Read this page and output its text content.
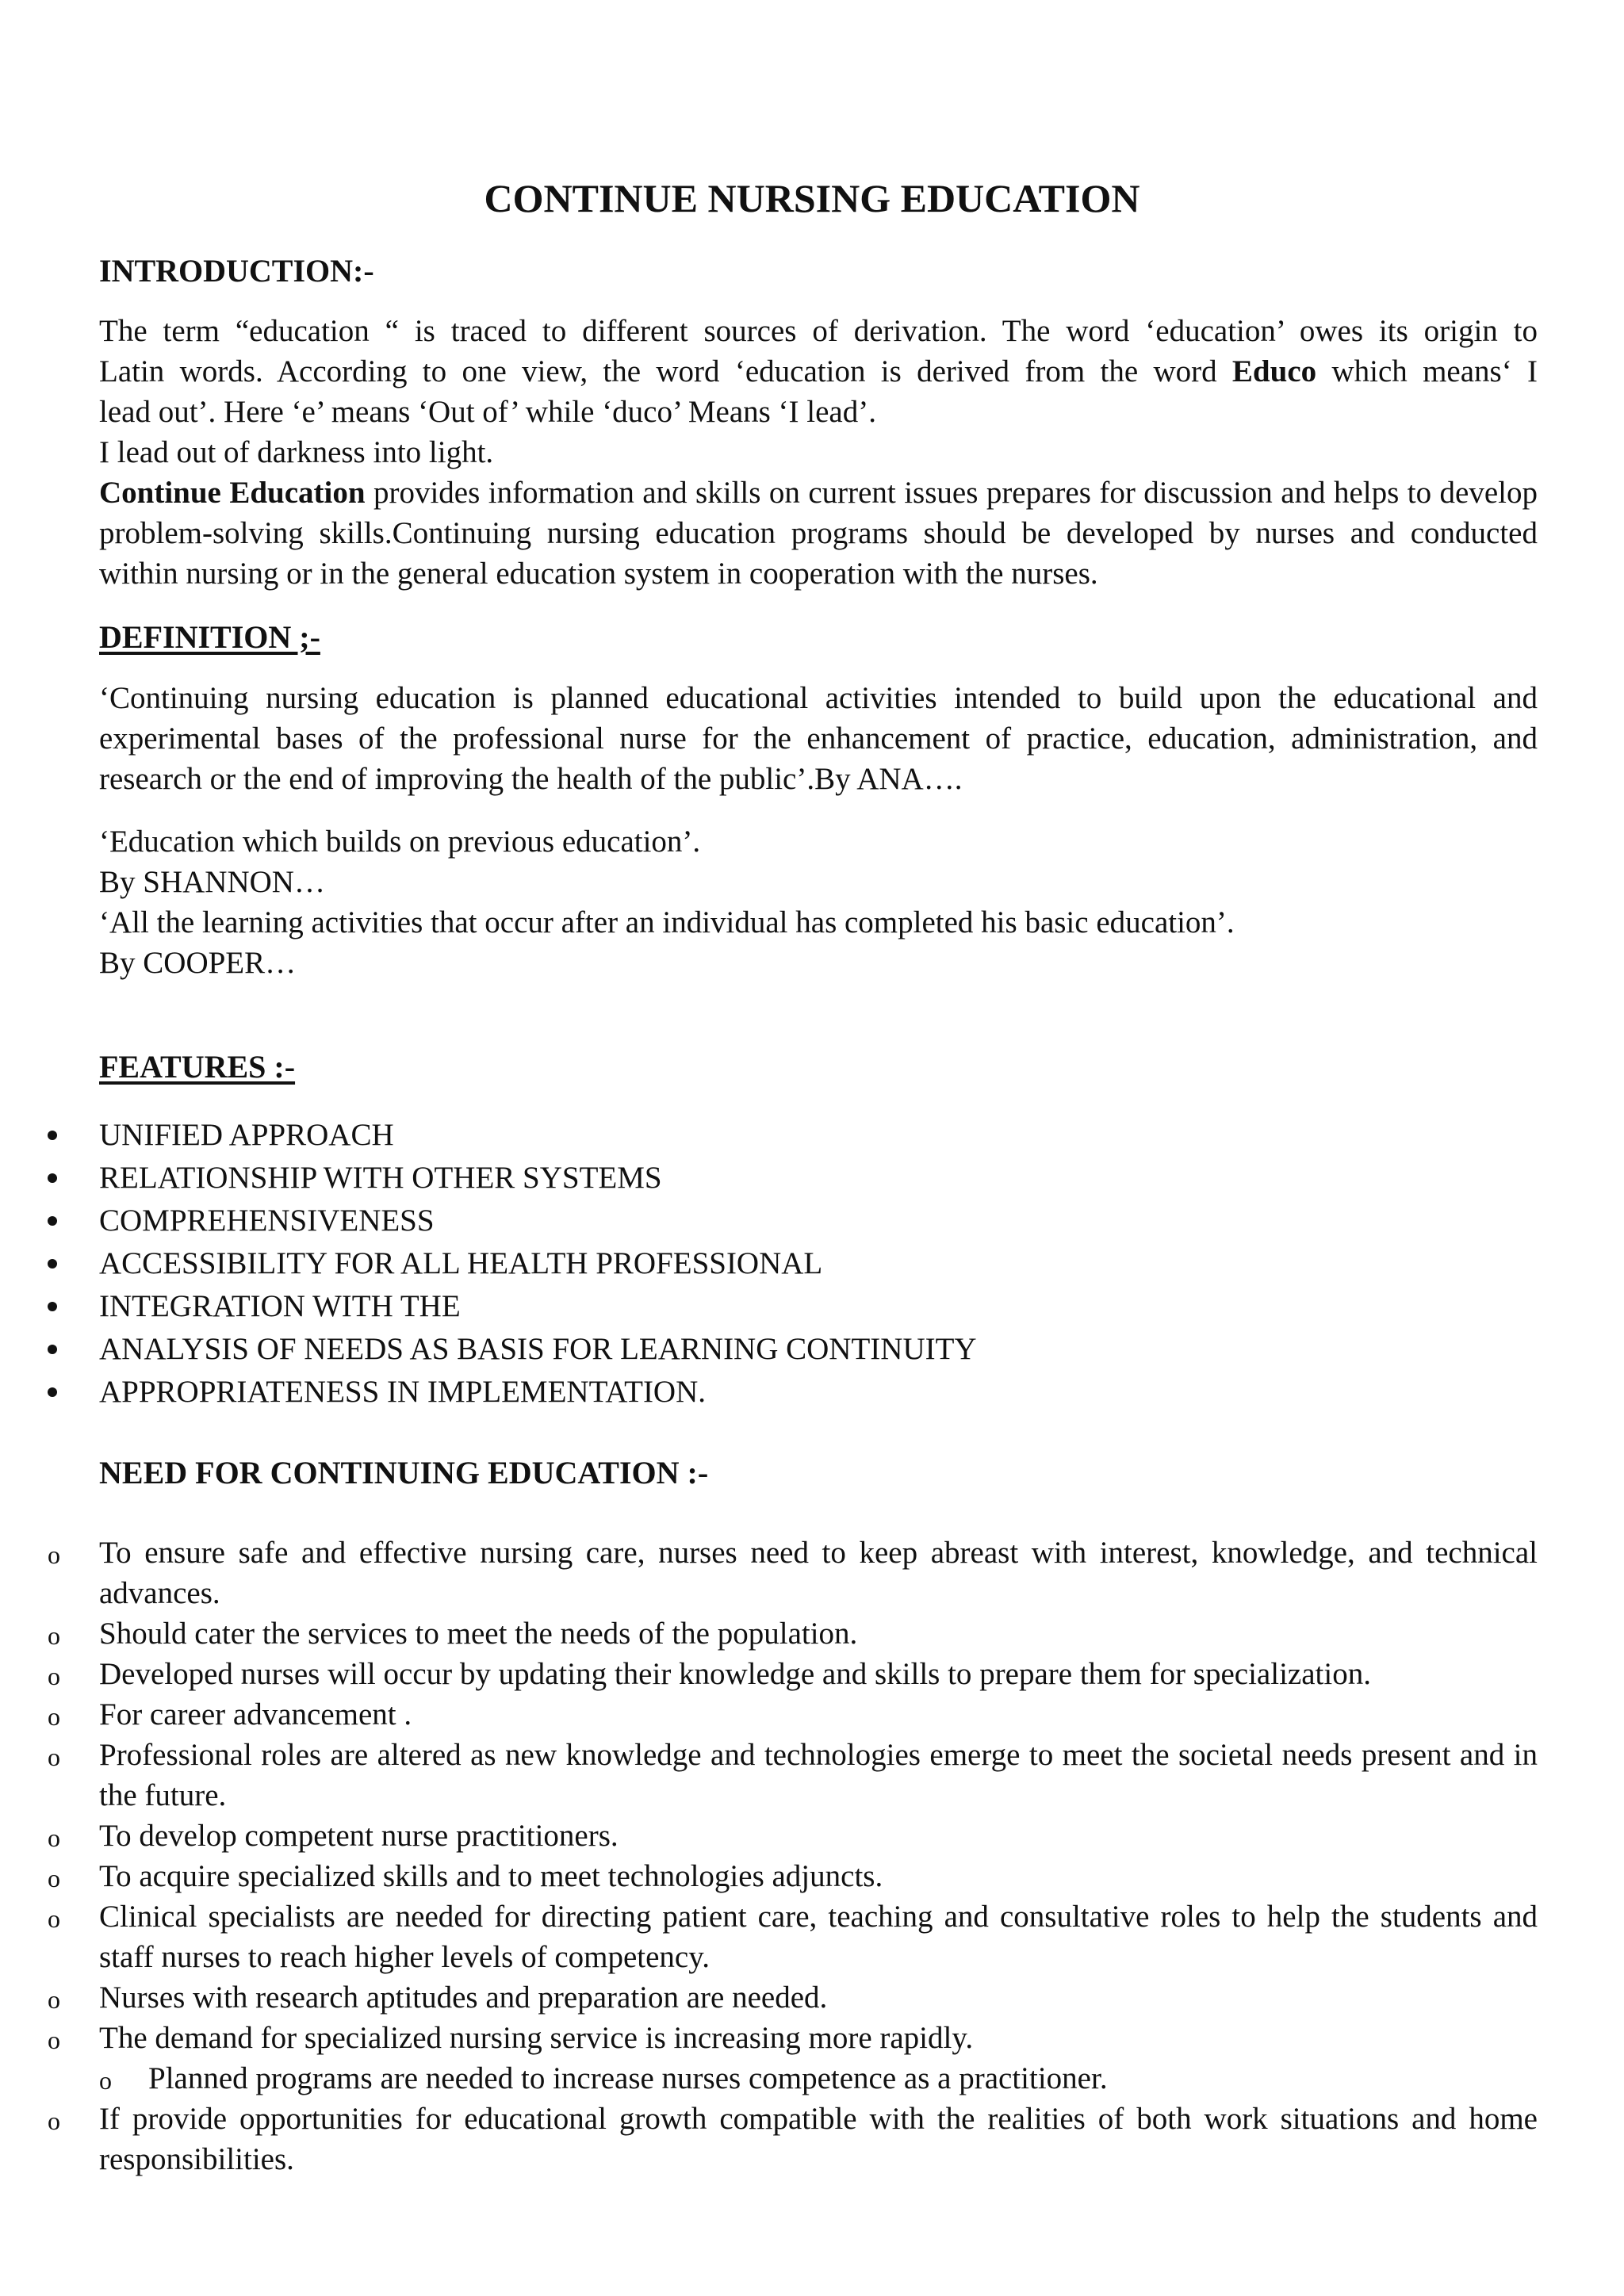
CONTINUE NURSING EDUCATION
INTRODUCTION:-
The term “education “ is traced to different sources of derivation. The word ‘education’ owes its origin to
Latin words. According to one view, the word ‘education is derived from the word Educo which means‘ I
lead out’. Here ‘e’ means ‘Out of’ while ‘duco’ Means ‘I lead’.
I lead out of darkness into light.

Continue Education provides information and skills on current issues prepares for discussion and helps to develop problem-solving skills.Continuing nursing education programs should be developed by nurses and conducted within nursing or in the general education system in cooperation with the nurses.

DEFINITION ;-

‘Continuing nursing education is planned educational activities intended to build upon the educational and experimental bases of the professional nurse for the enhancement of practice, education, administration, and research or the end of improving the health of the public’.By ANA….

‘Education which builds on previous education’.
By SHANNON…
‘All the learning activities that occur after an individual has completed his basic education’.
By COOPER…
FEATURES :-
UNIFIED APPROACH
RELATIONSHIP WITH OTHER SYSTEMS
COMPREHENSIVENESS
ACCESSIBILITY FOR ALL HEALTH PROFESSIONAL
INTEGRATION WITH THE
ANALYSIS OF NEEDS AS BASIS FOR LEARNING CONTINUITY
APPROPRIATENESS IN IMPLEMENTATION.
NEED FOR CONTINUING EDUCATION :-
o To ensure safe and effective nursing care, nurses need to keep abreast with interest, knowledge, and technical advances.
o Should cater the services to meet the needs of the population.
o Developed nurses will occur by updating their knowledge and skills to prepare them for specialization.
o For career advancement .
o Professional roles are altered as new knowledge and technologies emerge to meet the societal needs present and in the future.
o To develop competent nurse practitioners.
o To acquire specialized skills and to meet technologies adjuncts.
o Clinical specialists are needed for directing patient care, teaching and consultative roles to help the students and staff nurses to reach higher levels of competency.
o Nurses with research aptitudes and preparation are needed.
o The demand for specialized nursing service is increasing more rapidly.
o Planned programs are needed to increase nurses competence as a practitioner.
o If provide opportunities for educational growth compatible with the realities of both work situations and home responsibilities.
